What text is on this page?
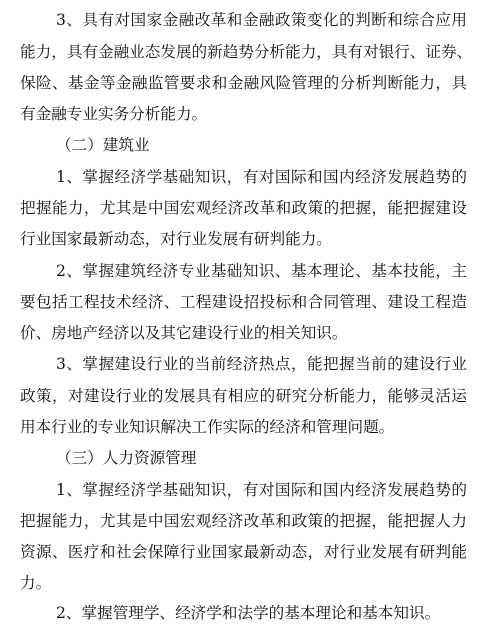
3、具有对国家金融改革和金融政策变化的判断和综合应用
能力，具有金融业态发展的新趋势分析能力，具有对银行、证券、
保险、基金等金融监管要求和金融风险管理的分析判断能力，具
有金融专业实务分析能力。
（二）建筑业
1、掌握经济学基础知识，有对国际和国内经济发展趋势的
把握能力，尤其是中国宏观经济改革和政策的把握，能把握建设
行业国家最新动态，对行业发展有研判能力。
2、掌握建筑经济专业基础知识、基本理论、基本技能，主
要包括工程技术经济、工程建设招投标和合同管理、建设工程造
价、房地产经济以及其它建设行业的相关知识。
3、掌握建设行业的当前经济热点，能把握当前的建设行业
政策，对建设行业的发展具有相应的研究分析能力，能够灵活运
用本行业的专业知识解决工作实际的经济和管理问题。
（三）人力资源管理
1、掌握经济学基础知识，有对国际和国内经济发展趋势的
把握能力，尤其是中国宏观经济改革和政策的把握，能把握人力
资源、医疗和社会保障行业国家最新动态，对行业发展有研判能
力。
2、掌握管理学、经济学和法学的基本理论和基本知识。
